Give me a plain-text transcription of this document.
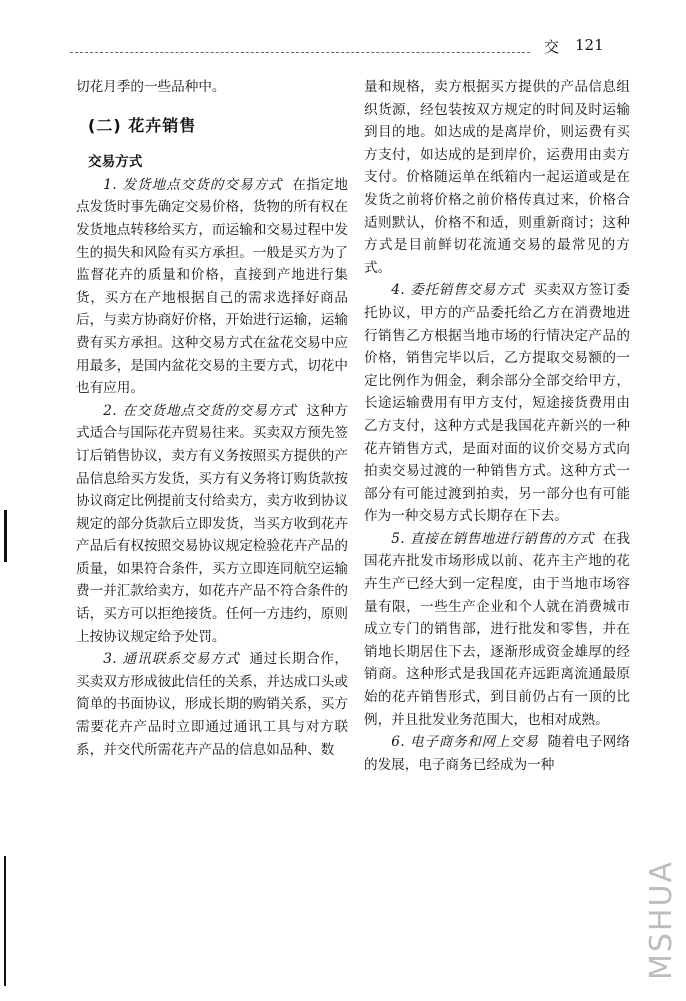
交 121

切花月季的一些品种中。

(二) 花卉销售

交易方式

1. 发货地点交货的交易方式 在指定地点发货时事先确定交易价格，货物的所有权在发货地点转移给买方，而运输和交易过程中发生的损失和风险有买方承担。一般是买方为了监督花卉的质量和价格，直接到产地进行集货，买方在产地根据自己的需求选择好商品后，与卖方协商好价格，开始进行运输，运输费有买方承担。这种交易方式在盆花交易中应用最多，是国内盆花交易的主要方式，切花中也有应用。

2. 在交货地点交货的交易方式 这种方式适合与国际花卉贸易往来。买卖双方预先签订后销售协议，卖方有义务按照买方提供的产品信息给买方发货，买方有义务将订购货款按协议商定比例提前支付给卖方，卖方收到协议规定的部分货款后立即发货，当买方收到花卉产品后有权按照交易协议规定检验花卉产品的质量，如果符合条件，买方立即连同航空运输费一并汇款给卖方，如花卉产品不符合条件的话，买方可以拒绝接货。任何一方违约，原则上按协议规定给予处罚。

3. 通讯联系交易方式 通过长期合作，买卖双方形成彼此信任的关系，并达成口头或简单的书面协议，形成长期的购销关系，买方需要花卉产品时立即通过通讯工具与对方联系，并交代所需花卉产品的信息如品种、数

量和规格，卖方根据买方提供的产品信息组织货源，经包装按双方规定的时间及时运输到目的地。如达成的是离岸价，则运费有买方支付，如达成的是到岸价，运费用由卖方支付。价格随运单在纸箱内一起运道或是在发货之前将价格之前价格传真过来，价格合适则默认，价格不和适，则重新商讨；这种方式是目前鲜切花流通交易的最常见的方式。

4. 委托销售交易方式 买卖双方签订委托协议，甲方的产品委托给乙方在消费地进行销售乙方根据当地市场的行情决定产品的价格，销售完毕以后，乙方提取交易额的一定比例作为佣金，剩余部分全部交给甲方，长途运输费用有甲方支付，短途接货费用由乙方支付，这种方式是我国花卉新兴的一种花卉销售方式，是面对面的议价交易方式向拍卖交易过渡的一种销售方式。这种方式一部分有可能过渡到拍卖，另一部分也有可能作为一种交易方式长期存在下去。

5. 直接在销售地进行销售的方式 在我国花卉批发市场形成以前、花卉主产地的花卉生产已经大到一定程度，由于当地市场容量有限，一些生产企业和个人就在消费城市成立专门的销售部，进行批发和零售，并在销地长期居住下去，逐渐形成资金雄厚的经销商。这种形式是我国花卉远距离流通最原始的花卉销售形式，到目前仍占有一顶的比例，并且批发业务范围大，也相对成熟。

6. 电子商务和网上交易 随着电子网络的发展，电子商务已经成为一种

MSHUA
